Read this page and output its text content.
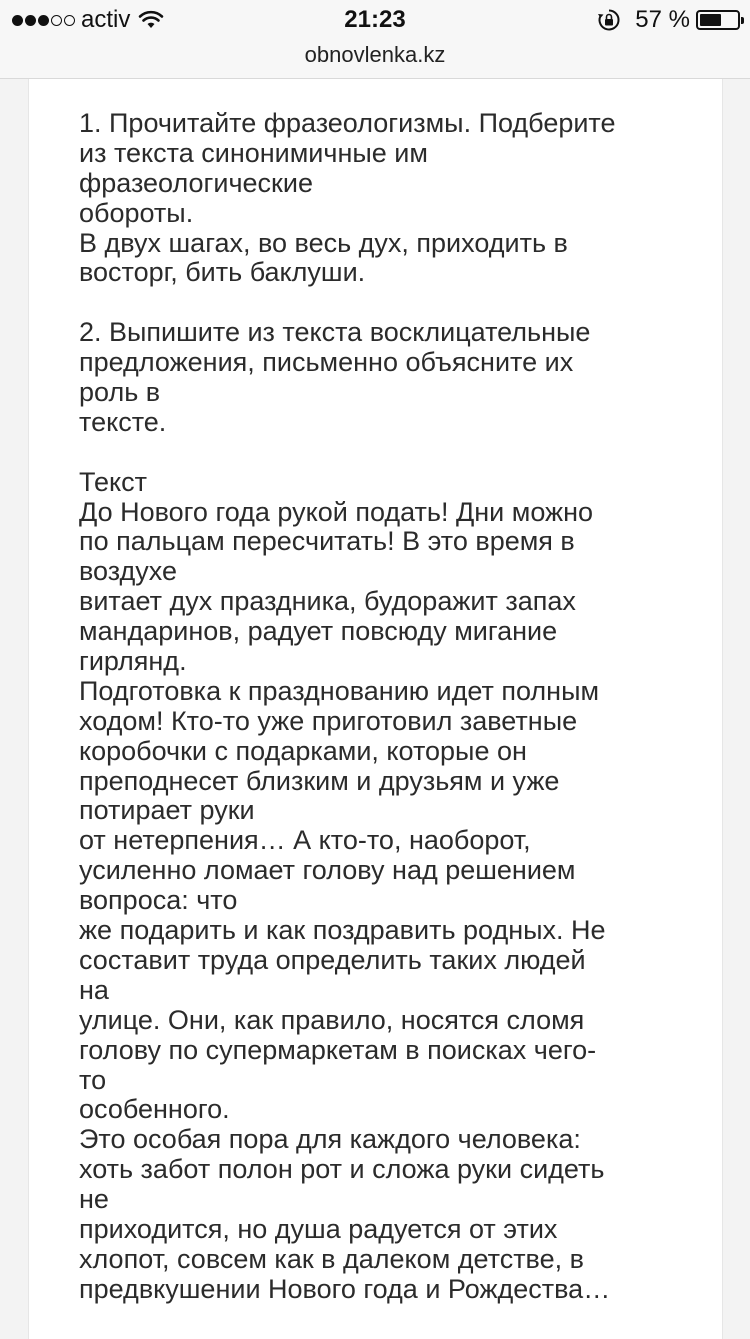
activ	21:23	57 %
obnovlenka.kz
1. Прочитайте фразеологизмы. Подберите
из текста синонимичные им
фразеологические
обороты.
В двух шагах, во весь дух, приходить в
восторг, бить баклуши.
2. Выпишите из текста восклицательные
предложения, письменно объясните их
роль в
тексте.
Текст
До Нового года рукой подать! Дни можно
по пальцам пересчитать! В это время в
воздухе
витает дух праздника, будоражит запах
мандаринов, радует повсюду мигание
гирлянд.
Подготовка к празднованию идет полным
ходом! Кто-то уже приготовил заветные
коробочки с подарками, которые он
преподнесет близким и друзьям и уже
потирает руки
от нетерпения… А кто-то, наоборот,
усиленно ломает голову над решением
вопроса: что
же подарить и как поздравить родных. Не
составит труда определить таких людей
на
улице. Они, как правило, носятся сломя
голову по супермаркетам в поисках чего-
то
особенного.
Это особая пора для каждого человека:
хоть забот полон рот и сложа руки сидеть
не
приходится, но душа радуется от этих
хлопот, совсем как в далеком детстве, в
предвкушении Нового года и Рождества…
